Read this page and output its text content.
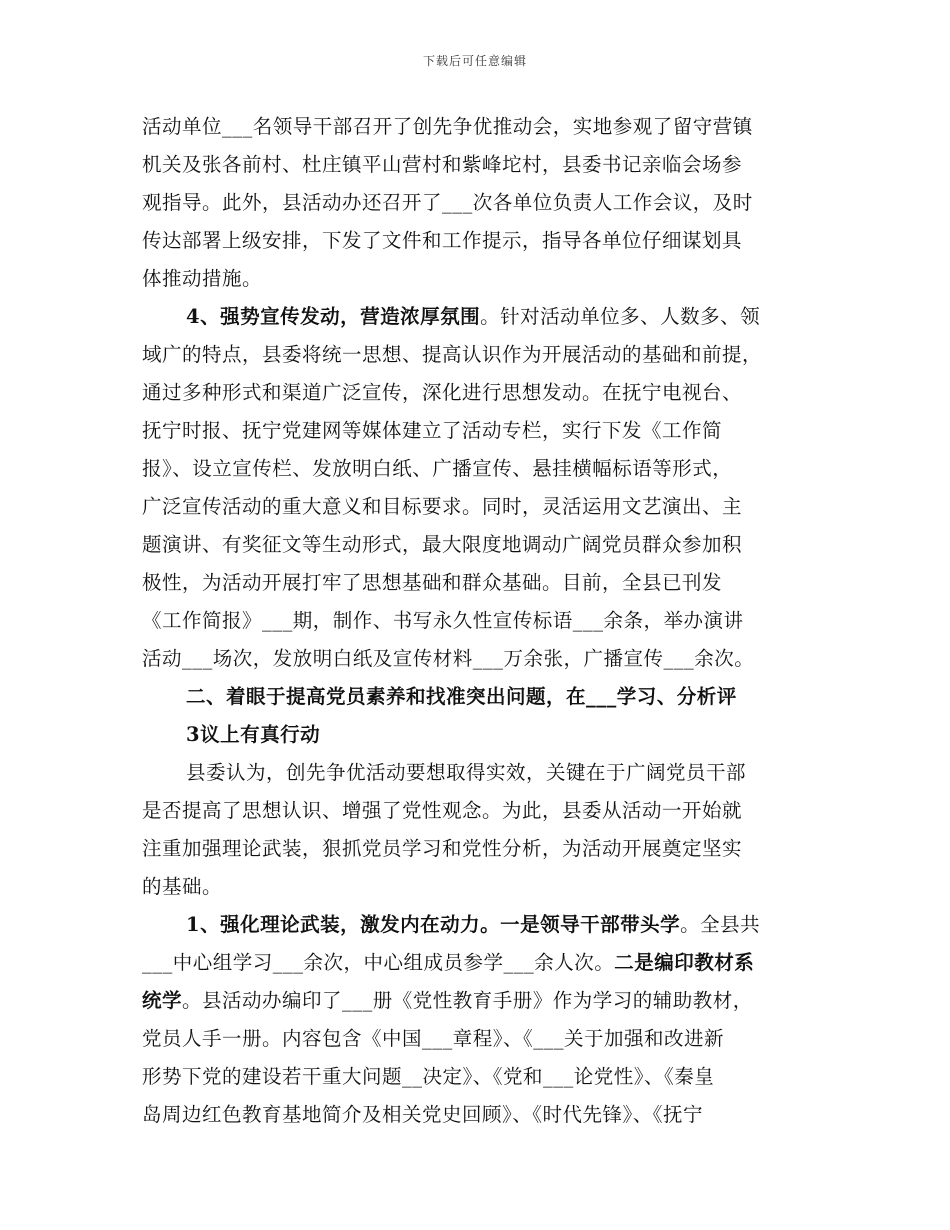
下载后可任意编辑
活动单位___名领导干部召开了创先争优推动会，实地参观了留守营镇
机关及张各前村、杜庄镇平山营村和紫峰坨村，县委书记亲临会场参
观指导。此外，县活动办还召开了___次各单位负责人工作会议，及时
传达部署上级安排，下发了文件和工作提示，指导各单位仔细谋划具
体推动措施。
4、强势宣传发动，营造浓厚氛围。针对活动单位多、人数多、领
域广的特点，县委将统一思想、提高认识作为开展活动的基础和前提，
通过多种形式和渠道广泛宣传，深化进行思想发动。在抚宁电视台、
抚宁时报、抚宁党建网等媒体建立了活动专栏，实行下发《工作简
报》、设立宣传栏、发放明白纸、广播宣传、悬挂横幅标语等形式，
广泛宣传活动的重大意义和目标要求。同时，灵活运用文艺演出、主
题演讲、有奖征文等生动形式，最大限度地调动广阔党员群众参加积
极性，为活动开展打牢了思想基础和群众基础。目前，全县已刊发
《工作简报》___期，制作、书写永久性宣传标语___余条，举办演讲
活动___场次，发放明白纸及宣传材料___万余张，广播宣传___余次。
二、着眼于提高党员素养和找准突出问题，在___学习、分析评
3议上有真行动
县委认为，创先争优活动要想取得实效，关键在于广阔党员干部
是否提高了思想认识、增强了党性观念。为此，县委从活动一开始就
注重加强理论武装，狠抓党员学习和党性分析，为活动开展奠定坚实
的基础。
1、强化理论武装，激发内在动力。一是领导干部带头学。全县共
___中心组学习___余次，中心组成员参学___余人次。二是编印教材系
统学。县活动办编印了___册《党性教育手册》作为学习的辅助教材，
党员人手一册。内容包含《中国___章程》、《___关于加强和改进新
形势下党的建设若干重大问题__决定》、《党和___论党性》、《秦皇
岛周边红色教育基地简介及相关党史回顾》、《时代先锋》、《抚宁
